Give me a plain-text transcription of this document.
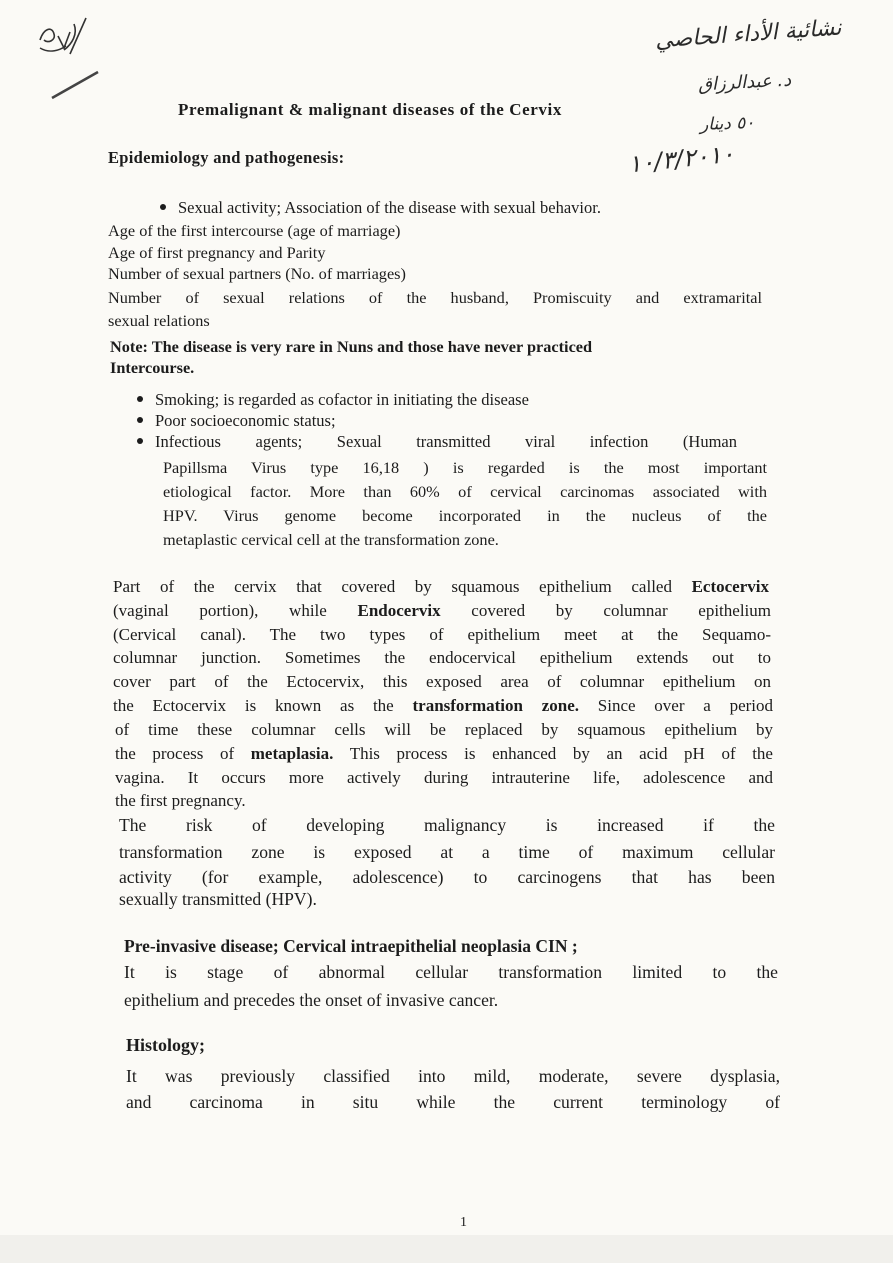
نشائية الأداء الحاصي
د. عبدالرزاق
٥٠ دينار
١٠/٣/٢٠١٠
Premalignant & malignant diseases of the Cervix
Epidemiology and pathogenesis:
Sexual activity; Association of the disease with sexual behavior.
Age of the first intercourse (age of marriage)
Age of first pregnancy and Parity
Number of sexual partners (No. of marriages)
Number of sexual relations of the husband, Promiscuity and extramarital
sexual relations
Note: The disease is very rare in Nuns and those have never practiced
Intercourse.
Smoking; is regarded as cofactor in initiating the disease
Poor socioeconomic status;
Infectious agents; Sexual transmitted viral infection (Human
Papillsma Virus type 16,18 ) is regarded is the most important
etiological factor. More than 60% of cervical carcinomas associated with
HPV. Virus genome become incorporated in the nucleus of the
metaplastic cervical cell at the transformation zone.
Part of the cervix that covered by squamous epithelium called Ectocervix
(vaginal portion), while Endocervix covered by columnar epithelium
(Cervical canal). The two types of epithelium meet at the Sequamo-
columnar junction. Sometimes the endocervical epithelium extends out to
cover part of the Ectocervix, this exposed area of columnar epithelium on
the Ectocervix is known as the transformation zone. Since over a period
of time these columnar cells will be replaced by squamous epithelium by
the process of metaplasia. This process is enhanced by an acid pH of the
vagina. It occurs more actively during intrauterine life, adolescence and
the first pregnancy.
The risk of developing malignancy is increased if the
transformation zone is exposed at a time of maximum cellular
activity (for example, adolescence) to carcinogens that has been
sexually transmitted (HPV).
Pre-invasive disease; Cervical intraepithelial neoplasia CIN ;
It is stage of abnormal cellular transformation limited to the
epithelium and precedes the onset of invasive cancer.
Histology;
It was previously classified into mild, moderate, severe dysplasia,
and carcinoma in situ while the current terminology of
1
